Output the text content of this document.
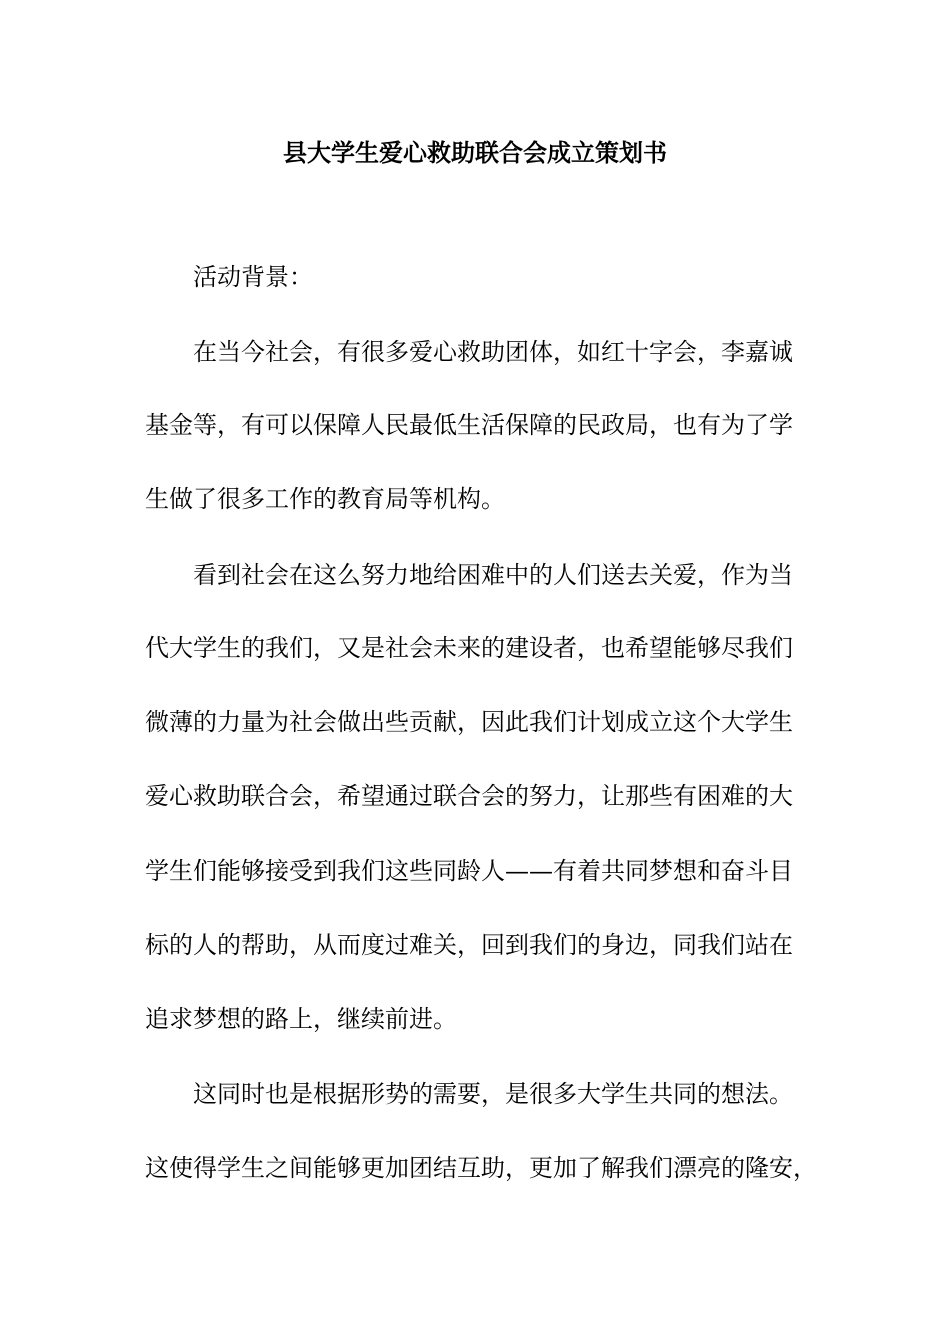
县大学生爱心救助联合会成立策划书
活动背景：
在当今社会，有很多爱心救助团体，如红十字会，李嘉诚
基金等，有可以保障人民最低生活保障的民政局，也有为了学
生做了很多工作的教育局等机构。
看到社会在这么努力地给困难中的人们送去关爱，作为当
代大学生的我们，又是社会未来的建设者，也希望能够尽我们
微薄的力量为社会做出些贡献，因此我们计划成立这个大学生
爱心救助联合会，希望通过联合会的努力，让那些有困难的大
学生们能够接受到我们这些同龄人——有着共同梦想和奋斗目
标的人的帮助，从而度过难关，回到我们的身边，同我们站在
追求梦想的路上，继续前进。
这同时也是根据形势的需要，是很多大学生共同的想法。
这使得学生之间能够更加团结互助，更加了解我们漂亮的隆安，
